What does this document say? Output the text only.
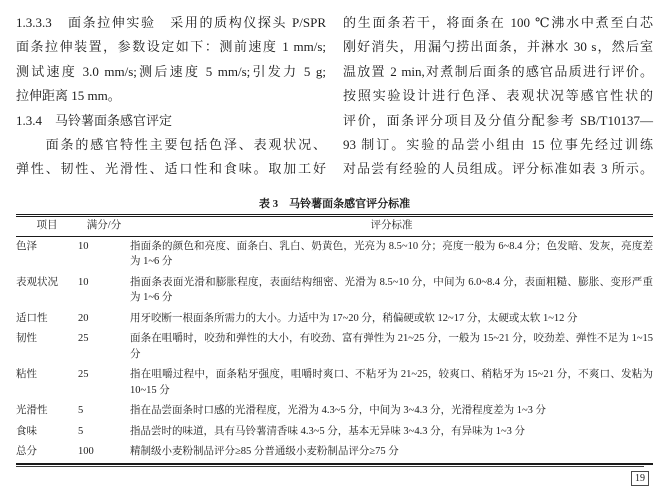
1.3.3.3　面条拉伸实验　采用的质构仪探头 P/SPR
面条拉伸装置，参数设定如下：测前速度 1 mm/s;
测试速度 3.0 mm/s;测后速度 5 mm/s;引发力 5 g;
拉伸距离 15 mm。
1.3.4　马铃薯面条感官评定
　　面条的感官特性主要包括色泽、表观状况、
弹性、韧性、光滑性、适口性和食味。取加工好
的生面条若干，将面条在 100 ℃沸水中煮至白芯
刚好消失，用漏勺捞出面条，并淋水 30 s，然后室
温放置 2 min,对煮制后面条的感官品质进行评价。
按照实验设计进行色泽、表观状况等感官性状的
评价，面条评分项目及分值分配参考 SB/T10137—
93 制订。实验的品尝小组由 15 位事先经过训练
对品尝有经验的人员组成。评分标准如表 3 所示。
表 3　马铃薯面条感官评分标准
项目	满分/分	评分标准
色泽	10	指面条的颜色和亮度、面条白、乳白、奶黄色，光亮为 8.5~10 分；亮度一般为 6~8.4 分；色发暗、发灰，亮度差为 1~6 分
表观状况	10	指面条表面光滑和膨胀程度，表面结构细密、光滑为 8.5~10 分，中间为 6.0~8.4 分，表面粗糙、膨胀、变形严重为 1~6 分
适口性	20	用牙咬断一根面条所需力的大小。力适中为 17~20 分，稍偏硬或软 12~17 分，太硬或太软 1~12 分
韧性	25	面条在咀嚼时，咬劲和弹性的大小，有咬劲、富有弹性为 21~25 分，一般为 15~21 分，咬劲差、弹性不足为 1~15 分
粘性	25	指在咀嚼过程中，面条粘牙强度，咀嚼时爽口、不粘牙为 21~25，较爽口、稍粘牙为 15~21 分，不爽口、发粘为 10~15 分
光滑性	5	指在品尝面条时口感的光滑程度，光滑为 4.3~5 分，中间为 3~4.3 分，光滑程度差为 1~3 分
食味	5	指品尝时的味道，具有马铃薯清香味 4.3~5 分，基本无异味 3~4.3 分，有异味为 1~3 分
总分	100	精制级小麦粉制品评分≥85 分普通级小麦粉制品评分≥75 分
19
